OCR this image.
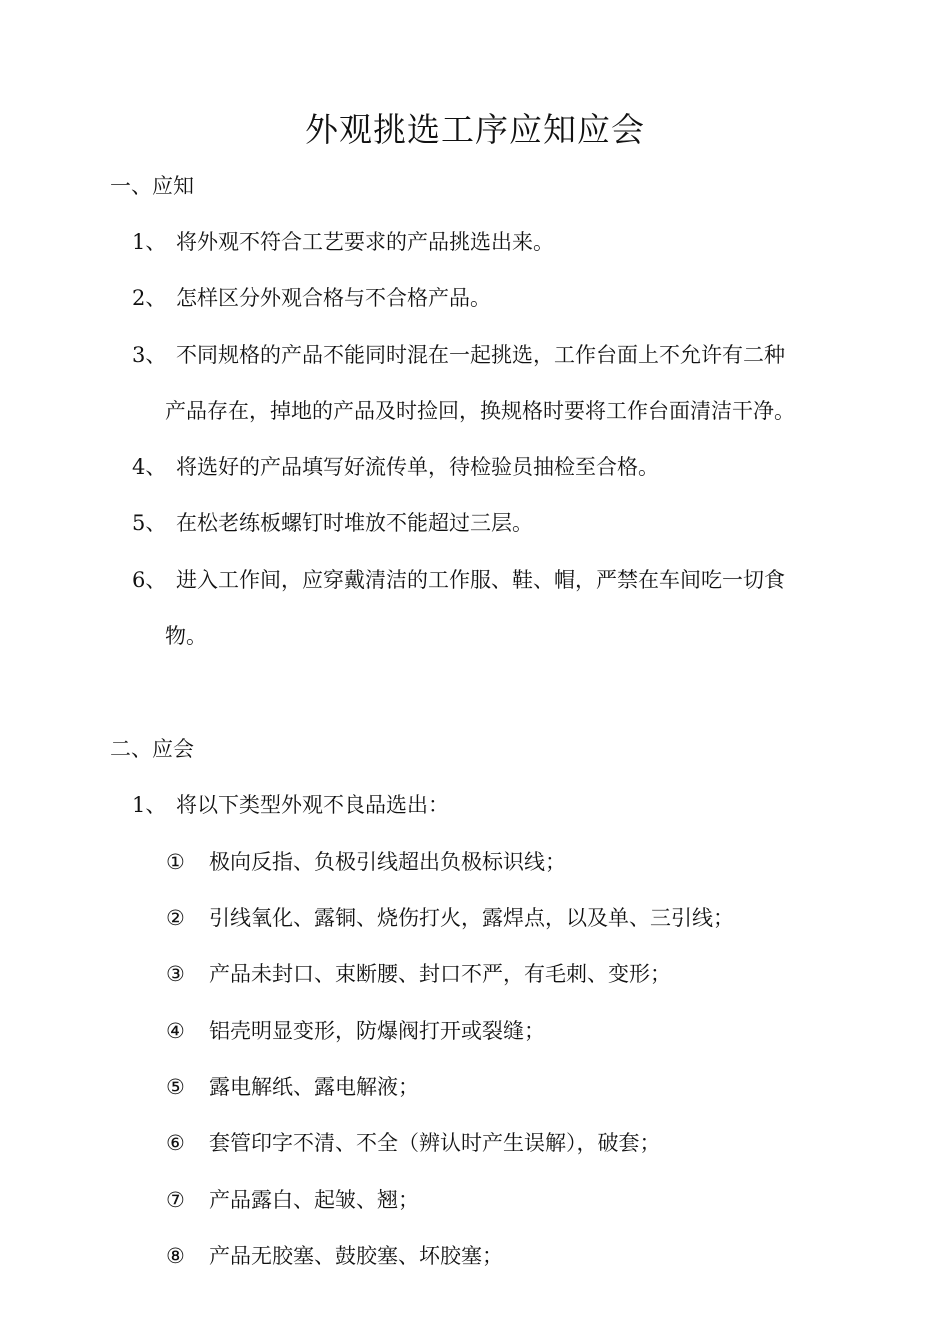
外观挑选工序应知应会
一、应知
1、 将外观不符合工艺要求的产品挑选出来。
2、 怎样区分外观合格与不合格产品。
3、 不同规格的产品不能同时混在一起挑选，工作台面上不允许有二种
产品存在，掉地的产品及时捡回，换规格时要将工作台面清洁干净。
4、 将选好的产品填写好流传单，待检验员抽检至合格。
5、 在松老练板螺钉时堆放不能超过三层。
6、 进入工作间，应穿戴清洁的工作服、鞋、帽，严禁在车间吃一切食
物。
二、应会
1、 将以下类型外观不良品选出：
① 极向反指、负极引线超出负极标识线；
② 引线氧化、露铜、烧伤打火，露焊点，以及单、三引线；
③ 产品未封口、束断腰、封口不严，有毛刺、变形；
④ 铝壳明显变形，防爆阀打开或裂缝；
⑤ 露电解纸、露电解液；
⑥ 套管印字不清、不全（辨认时产生误解），破套；
⑦ 产品露白、起皱、翘；
⑧ 产品无胶塞、鼓胶塞、坏胶塞；
